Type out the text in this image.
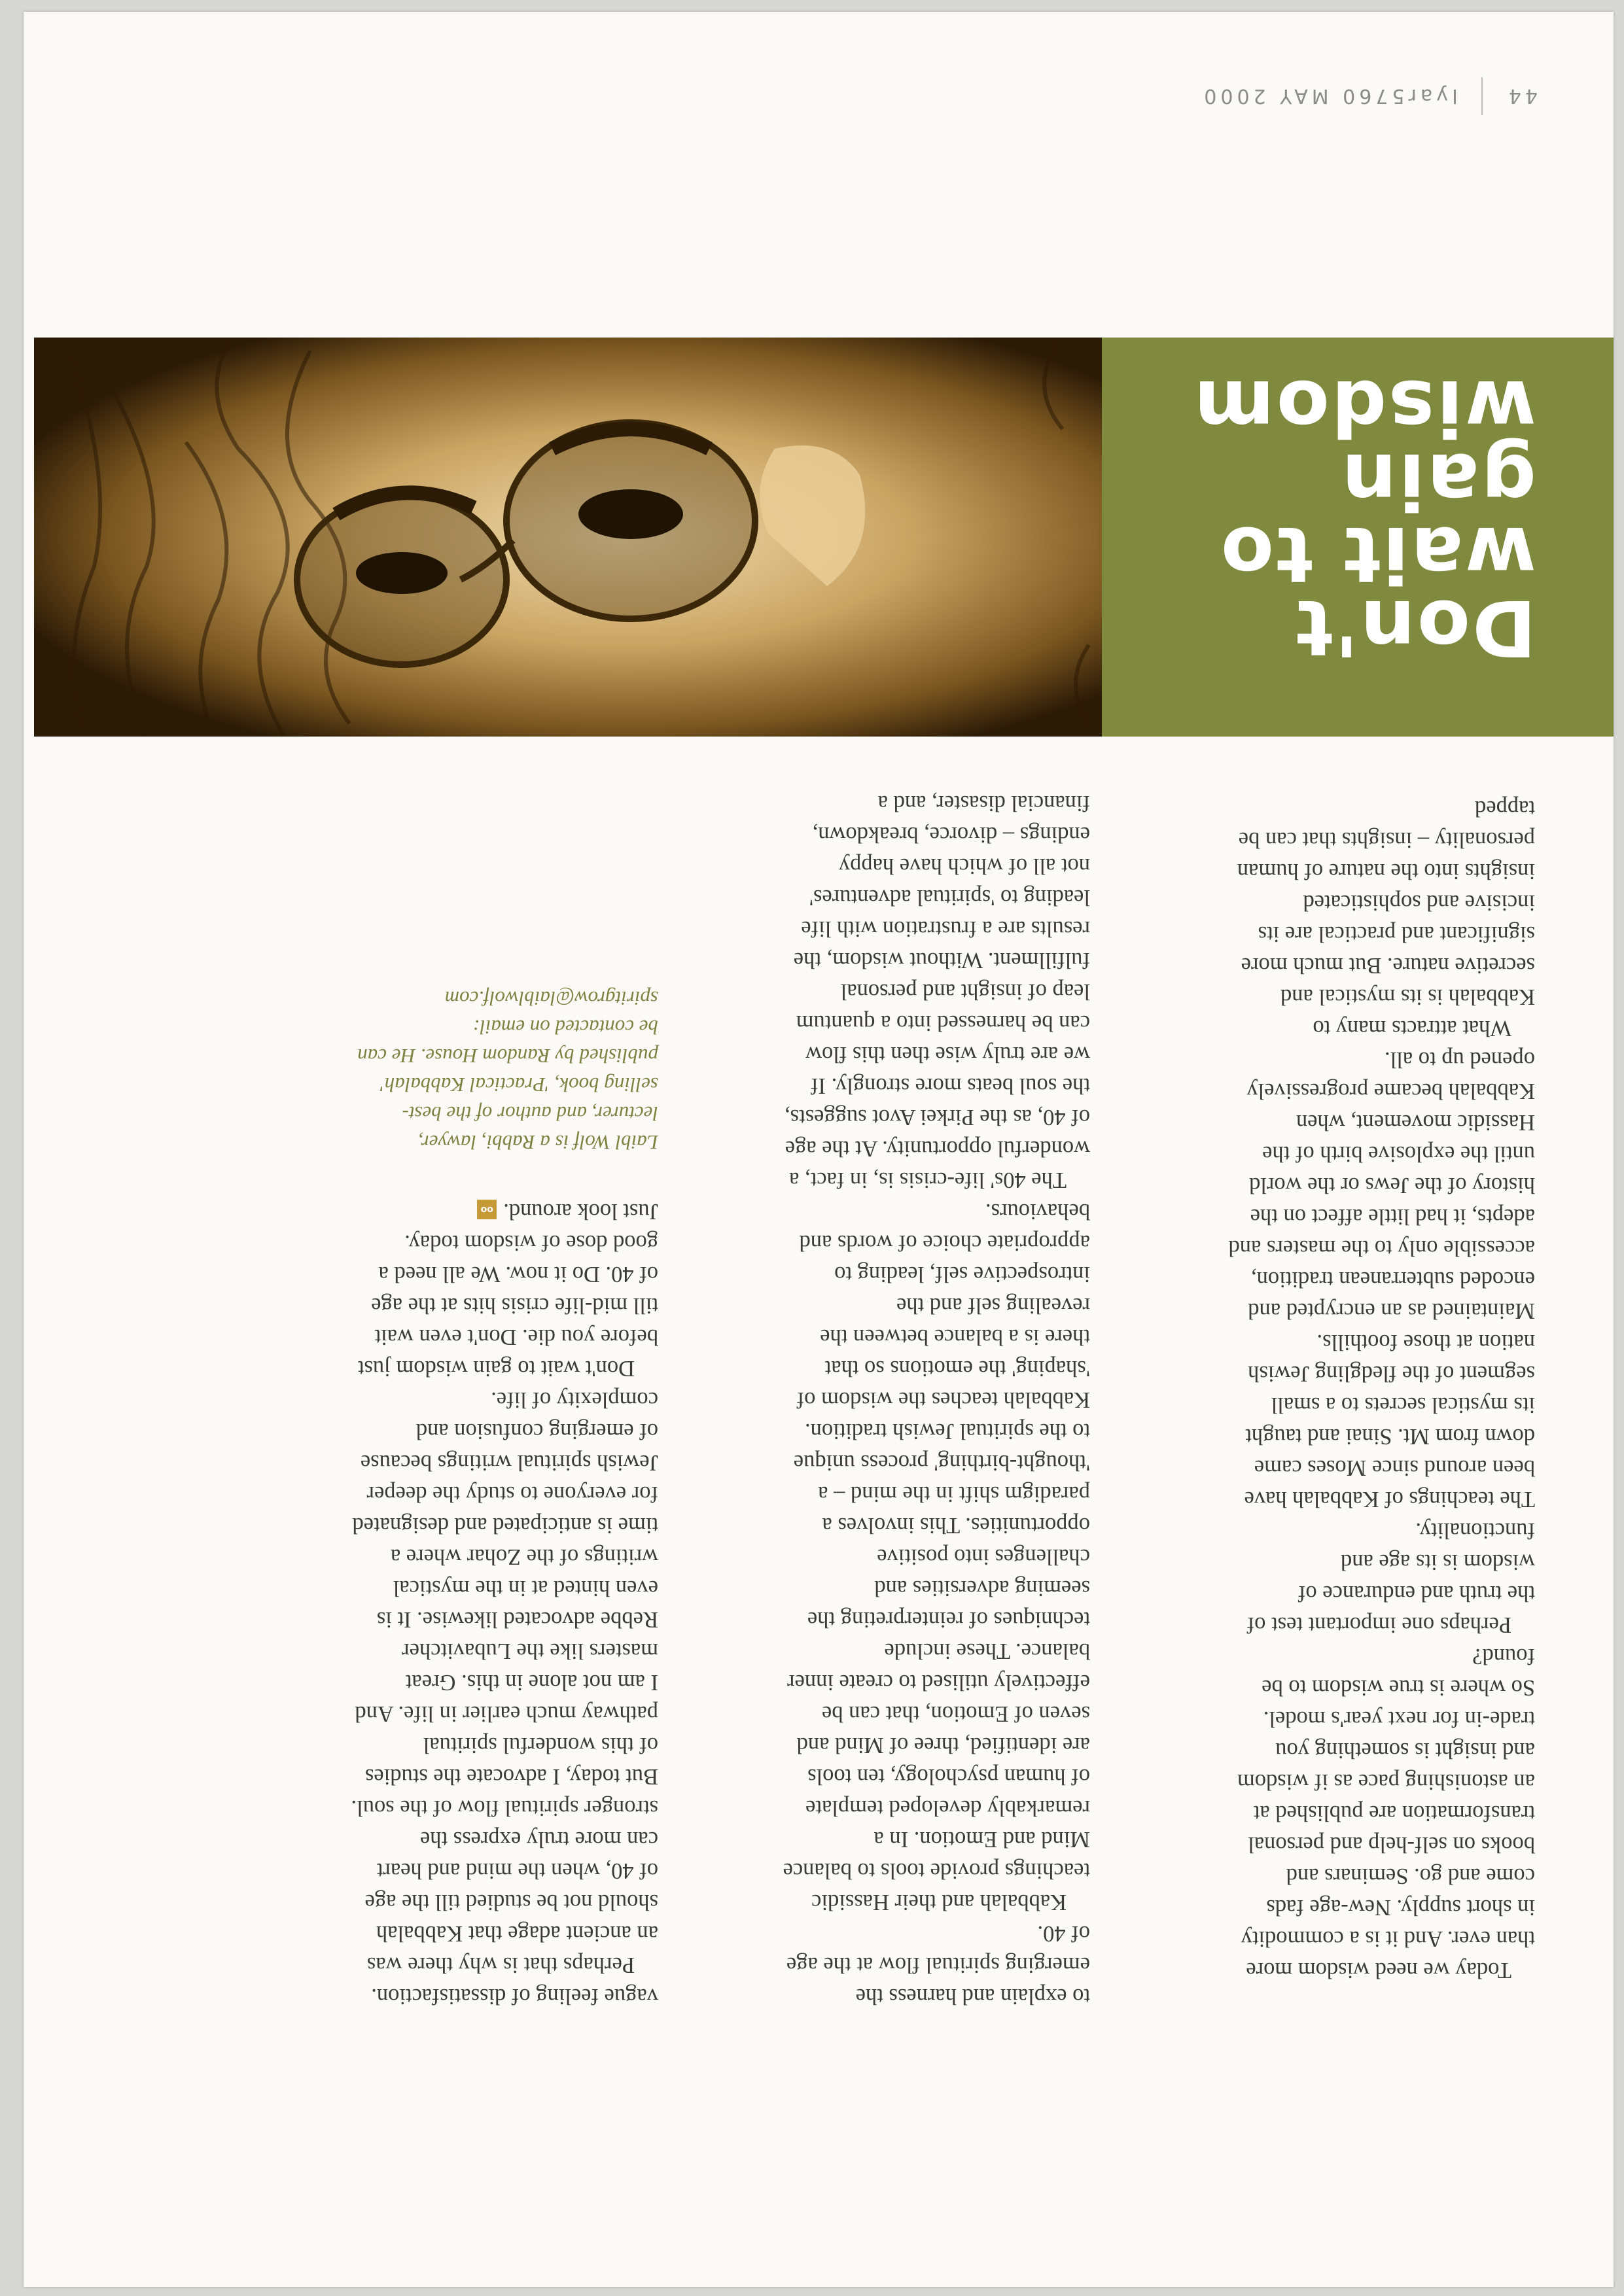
44
Iyar5760 MAY 2000
Don't
wait to
gain
wisdom

Today we need wisdom more than ever. And it is a commodity in short supply. New-age fads come and go. Seminars and books on self-help and personal transformation are published at an astonishing pace as if wisdom and insight is something you trade-in for next year's model.

So where is true wisdom to be found?

Perhaps one important test of the truth and endurance of wisdom is its age and functionality.

The teachings of Kabbalah have been around since Moses came down from Mt. Sinai and taught its mystical secrets to a small segment of the fledgling Jewish nation at those foothills.

Maintained as an encrypted and encoded subterranean tradition, accessible only to the masters and adepts, it had little affect on the history of the Jews or the world until the explosive birth of the Hassidic movement, when Kabbalah became progressively opened up to all.

What attracts many to Kabbalah is its mystical and secretive nature. But much more significant and practical are its incisive and sophisticated insights into the nature of human personality – insights that can be tapped

to explain and harness the emerging spiritual flow at the age of 40.

Kabbalah and their Hassidic teachings provide tools to balance Mind and Emotion. In a remarkably developed template of human psychology, ten tools are identified, three of Mind and seven of Emotion, that can be effectively utilised to create inner balance. These include techniques of reinterpreting the seeming adversities and challenges into positive opportunities. This involves a paradigm shift in the mind – a 'thought-birthing' process unique to the spiritual Jewish tradition.

Kabbalah teaches the wisdom of 'shaping' the emotions so that there is a balance between the revealing self and the introspective self, leading to appropriate choice of words and behaviours.

The 40s' life-crisis is, in fact, a wonderful opportunity. At the age of 40, as the Pirkei Avot suggests, the soul beats more strongly. If we are truly wise then this flow can be harnessed into a quantum leap of insight and personal fulfillment. Without wisdom, the results are a frustration with life leading to 'spiritual adventures' not all of which have happy endings – divorce, breakdown, financial disaster, and a

vague feeling of dissatisfaction.

Perhaps that is why there was an ancient adage that Kabbalah should not be studied till the age of 40, when the mind and heart can more truly express the stronger spiritual flow of the soul. But today, I advocate the studies of this wonderful spiritual pathway much earlier in life. And I am not alone in this. Great masters like the Lubavitcher Rebbe advocated likewise. It is even hinted at in the mystical writings of the Zohar where a time is anticipated and designated for everyone to study the deeper Jewish spiritual writings because of emerging confusion and complexity of life.

Don't wait to gain wisdom just before you die. Don't even wait till mid-life crisis hits at the age of 40. Do it now. We all need a good dose of wisdom today.

Just look around.oo

Laibl Wolf is a Rabbi, lawyer, lecturer, and author of the best-selling book, 'Practical Kabbalah' published by Random House. He can be contacted on email:

spiritgrow@laiblwolf.com
